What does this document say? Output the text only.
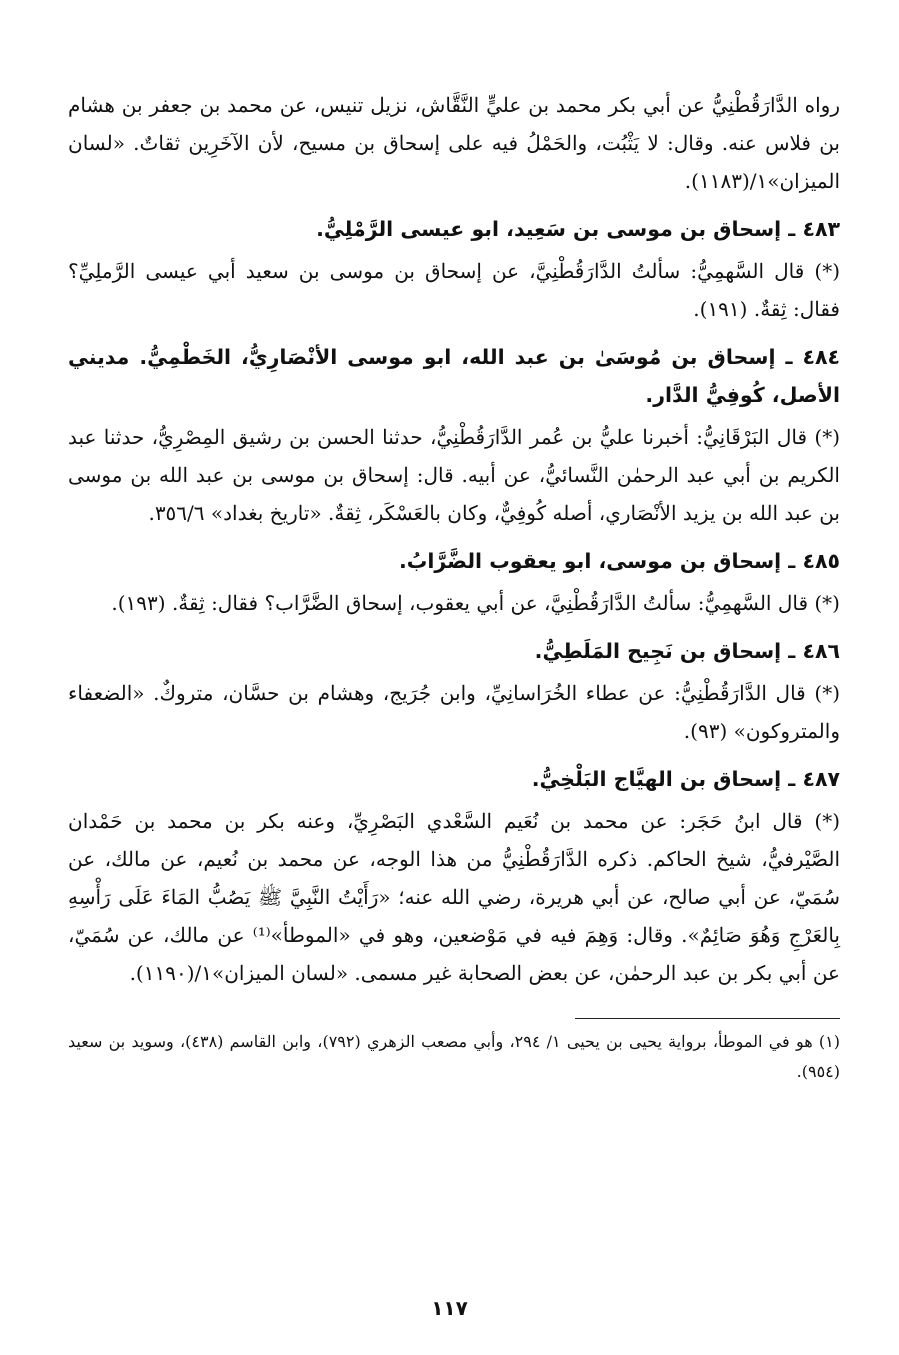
رواه الدَّارَقُطْنِيُّ عن أبي بكر محمد بن عليٍّ النَّقَّاش، نزيل تنيس، عن محمد بن جعفر بن هشام بن فلاس عنه. وقال: لا يَثْبُت، والحَمْلُ فيه على إسحاق بن مسيح، لأن الآخَرِين ثقاتٌ. «لسان الميزان»١/(١١٨٣).

٤٨٣ ـ إسحاق بن موسى بن سَعِيد، ابو عيسى الرَّمْلِيُّ.

(*) قال السَّهمِيُّ: سألتُ الدَّارَقُطْنِيَّ، عن إسحاق بن موسى بن سعيد أبي عيسى الرَّملِيِّ؟ فقال: ثِقةٌ. (١٩١).

٤٨٤ ـ إسحاق بن مُوسَىٰ بن عبد الله، ابو موسى الأنْصَارِيُّ، الخَطْمِيُّ. مديني الأصل، كُوفِيُّ الدَّار.

(*) قال البَرْقَانِيُّ: أخبرنا عليُّ بن عُمر الدَّارَقُطْنِيُّ، حدثنا الحسن بن رشيق المِصْرِيُّ، حدثنا عبد الكريم بن أبي عبد الرحمٰن النَّسائيُّ، عن أبيه. قال: إسحاق بن موسى بن عبد الله بن موسى بن عبد الله بن يزيد الأنْصَاري، أصله كُوفِيٌّ، وكان بالعَسْكَر، ثِقةٌ. «تاريخ بغداد» ٣٥٦/٦.

٤٨٥ ـ إسحاق بن موسى، ابو يعقوب الضَّرَّابُ.

(*) قال السَّهمِيُّ: سألتُ الدَّارَقُطْنِيَّ، عن أبي يعقوب، إسحاق الضَّرَّاب؟ فقال: ثِقةٌ. (١٩٣).

٤٨٦ ـ إسحاق بن نَجِيح المَلَطِيُّ.

(*) قال الدَّارَقُطْنِيُّ: عن عطاء الخُرَاسانِيِّ، وابن جُرَيج، وهشام بن حسَّان، متروكٌ. «الضعفاء والمتروكون» (٩٣).

٤٨٧ ـ إسحاق بن الهيَّاج البَلْخِيُّ.

(*) قال ابنُ حَجَر: عن محمد بن نُعَيم السَّعْدي البَصْرِيِّ، وعنه بكر بن محمد بن حَمْدان الصَّيْرفيُّ، شيخ الحاكم. ذكره الدَّارَقُطْنِيُّ من هذا الوجه، عن محمد بن نُعيم، عن مالك، عن سُمَيّ، عن أبي صالح، عن أبي هريرة، رضي الله عنه؛ «رَأَيْتُ النَّبِيَّ ﷺ يَصُبُّ المَاءَ عَلَى رَأْسِهِ بِالعَرْجِ وَهُوَ صَائِمٌ». وقال: وَهِمَ فيه في مَوْضعين، وهو في «الموطأ»⁽¹⁾ عن مالك، عن سُمَيّ، عن أبي بكر بن عبد الرحمٰن، عن بعض الصحابة غير مسمى. «لسان الميزان»١/(١١٩٠).

(١) هو في الموطأ، برواية يحيى بن يحيى ١/ ٢٩٤، وأبي مصعب الزهري (٧٩٢)، وابن القاسم (٤٣٨)، وسويد بن سعيد (٩٥٤).

١١٧
